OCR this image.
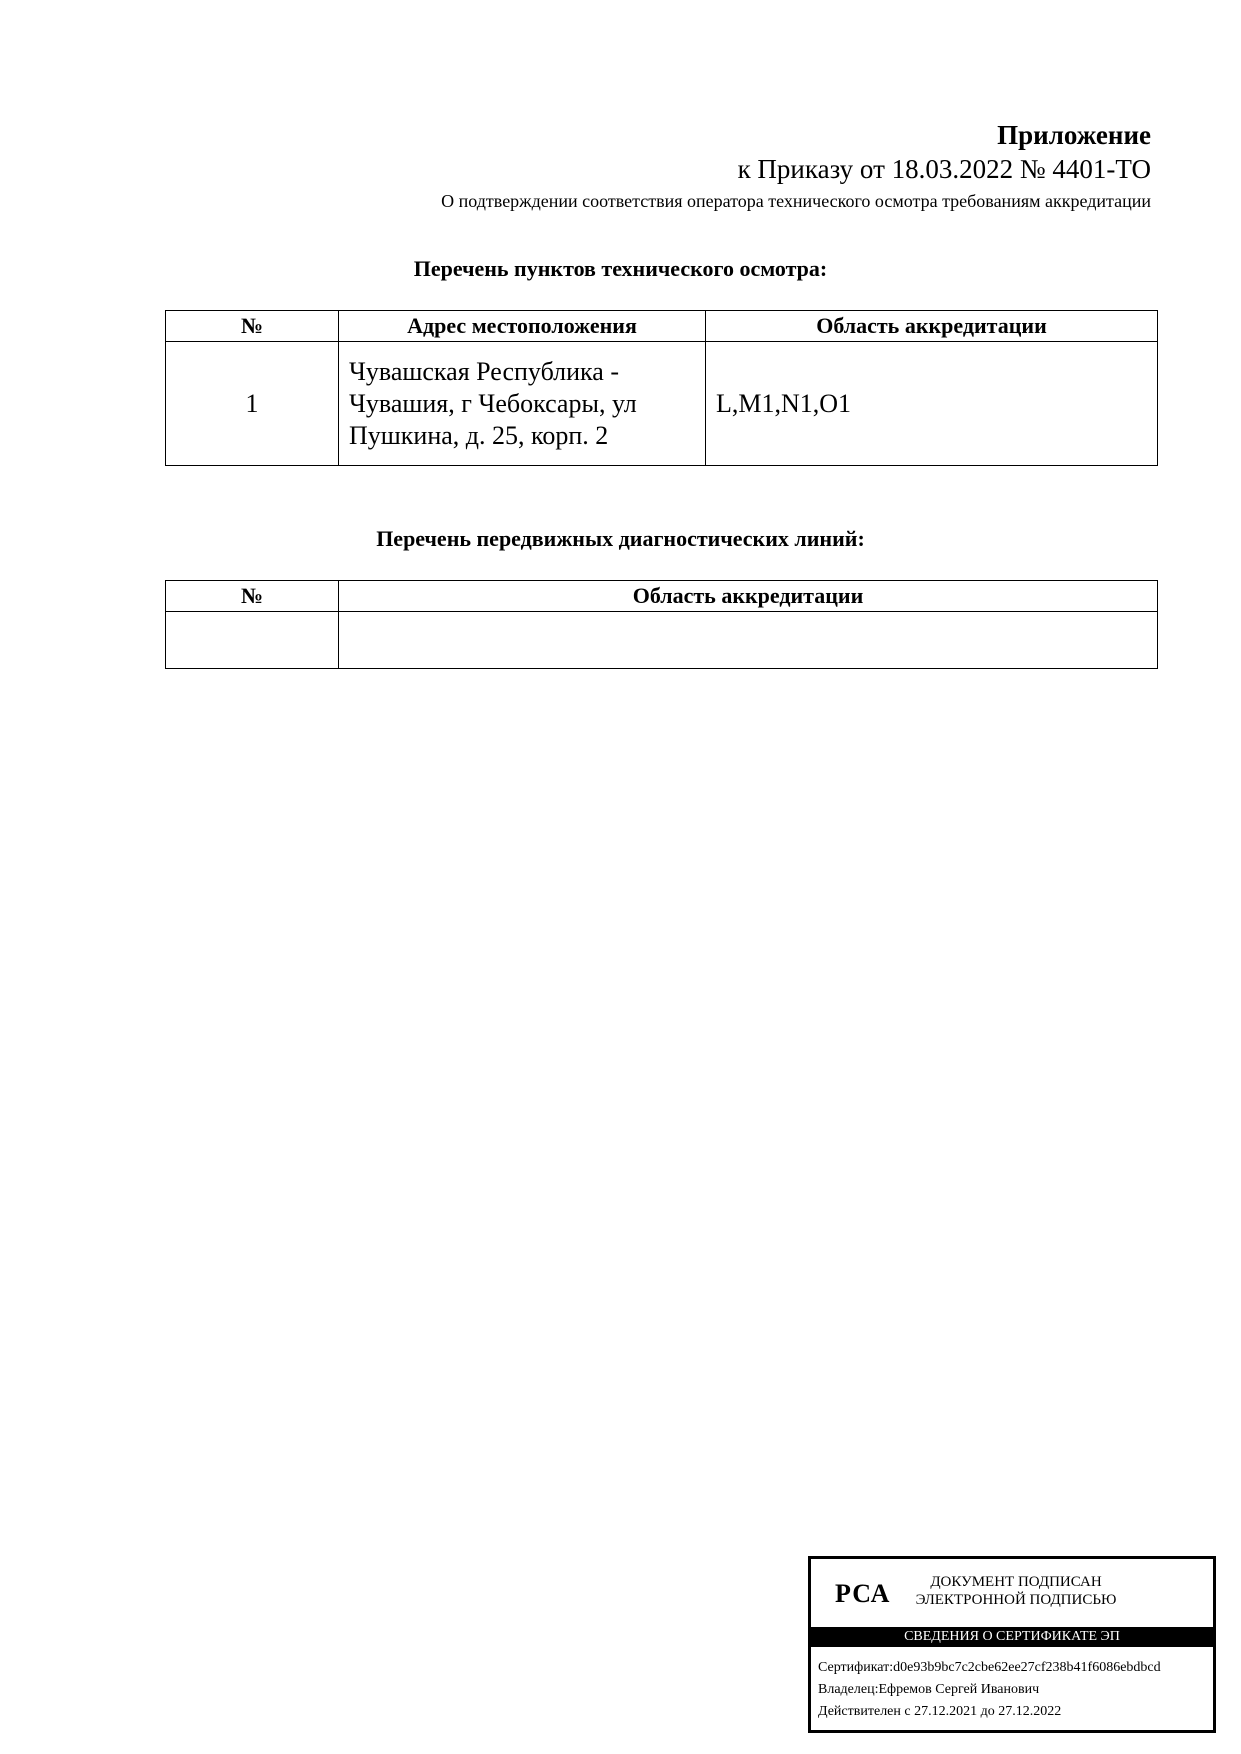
Приложение
к Приказу от 18.03.2022 № 4401-ТО
О подтверждении соответствия оператора технического осмотра требованиям аккредитации
Перечень пунктов технического осмотра:
№	Адрес местоположения	Область аккредитации
1	Чувашская Республика - Чувашия, г Чебоксары, ул Пушкина, д. 25, корп. 2	L,M1,N1,O1
Перечень передвижных диагностических линий:
№	Область аккредитации

РСА	ДОКУМЕНТ ПОДПИСАН
ЭЛЕКТРОННОЙ ПОДПИСЬЮ
СВЕДЕНИЯ О СЕРТИФИКАТЕ ЭП
Сертификат:d0e93b9bc7c2cbe62ee27cf238b41f6086ebdbcd
Владелец:Ефремов Сергей Иванович
Действителен с 27.12.2021 до 27.12.2022
